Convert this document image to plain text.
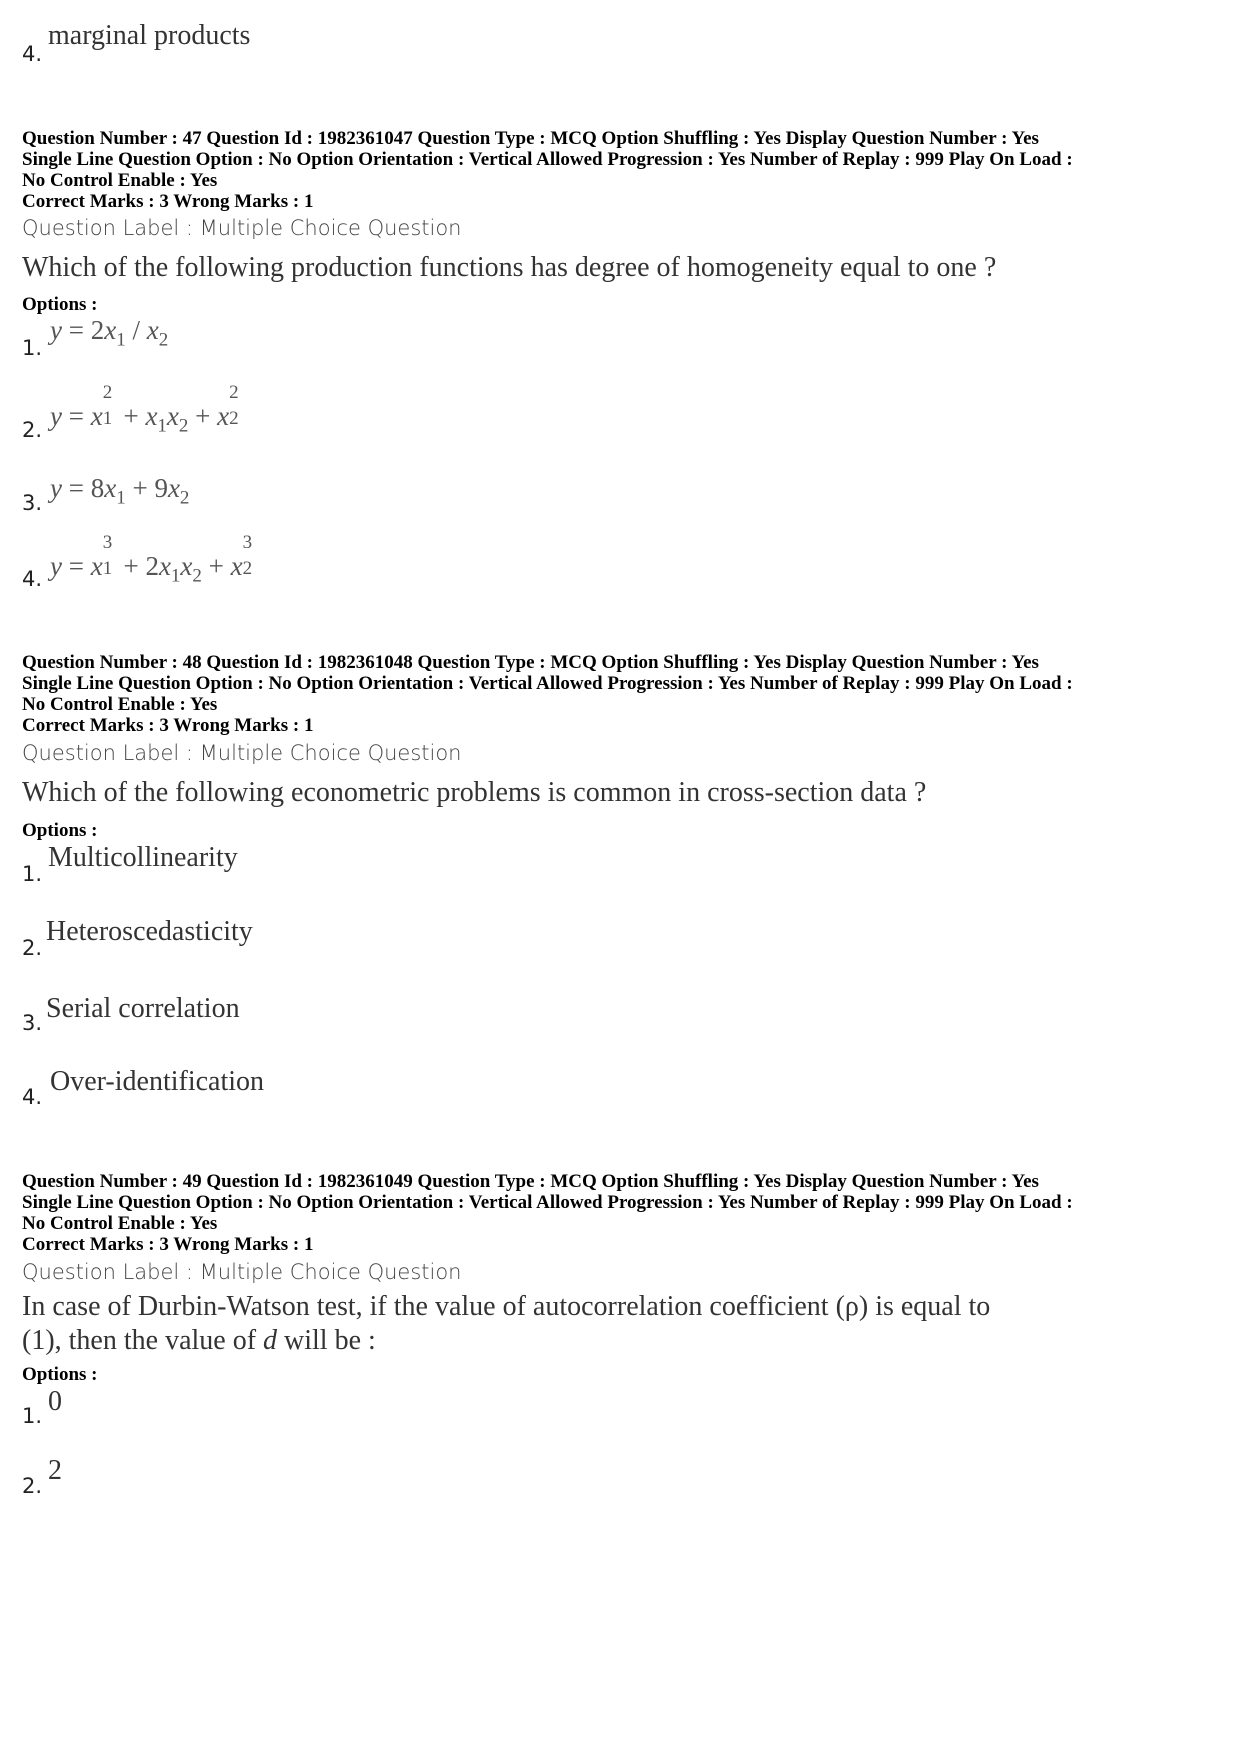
4.
marginal products
Question Number : 47 Question Id : 1982361047 Question Type : MCQ Option Shuffling : Yes Display Question Number : Yes
Single Line Question Option : No Option Orientation : Vertical Allowed Progression : Yes Number of Replay : 999 Play On Load :
No Control Enable : Yes
Correct Marks : 3 Wrong Marks : 1
Question Label : Multiple Choice Question
Which of the following production functions has degree of homogeneity equal to one ?
Options :
1.
$y = 2x_1 / x_2$
2. y = x
2
$1 + x_1x_2 + x$
2
2
3. $y = 8x_1 + 9x_2$
4. y = x
3
$1 + 2x_1x_2 + x$
3
2
Question Number : 48 Question Id : 1982361048 Question Type : MCQ Option Shuffling : Yes Display Question Number : Yes
Single Line Question Option : No Option Orientation : Vertical Allowed Progression : Yes Number of Replay : 999 Play On Load :
No Control Enable : Yes
Correct Marks : 3 Wrong Marks : 1
Question Label : Multiple Choice Question
Which of the following econometric problems is common in cross-section data ?
Options :
1.
Multicollinearity
2.
Heteroscedasticity
3. Serial correlation
4. Over-identification
Question Number : 49 Question Id : 1982361049 Question Type : MCQ Option Shuffling : Yes Display Question Number : Yes
Single Line Question Option : No Option Orientation : Vertical Allowed Progression : Yes Number of Replay : 999 Play On Load :
No Control Enable : Yes
Correct Marks : 3 Wrong Marks : 1
Question Label : Multiple Choice Question
In case of Durbin-Watson test, if the value of autocorrelation coefficient (ρ) is equal to
(1), then the value of d will be :
Options :
1. 0
2. 2
